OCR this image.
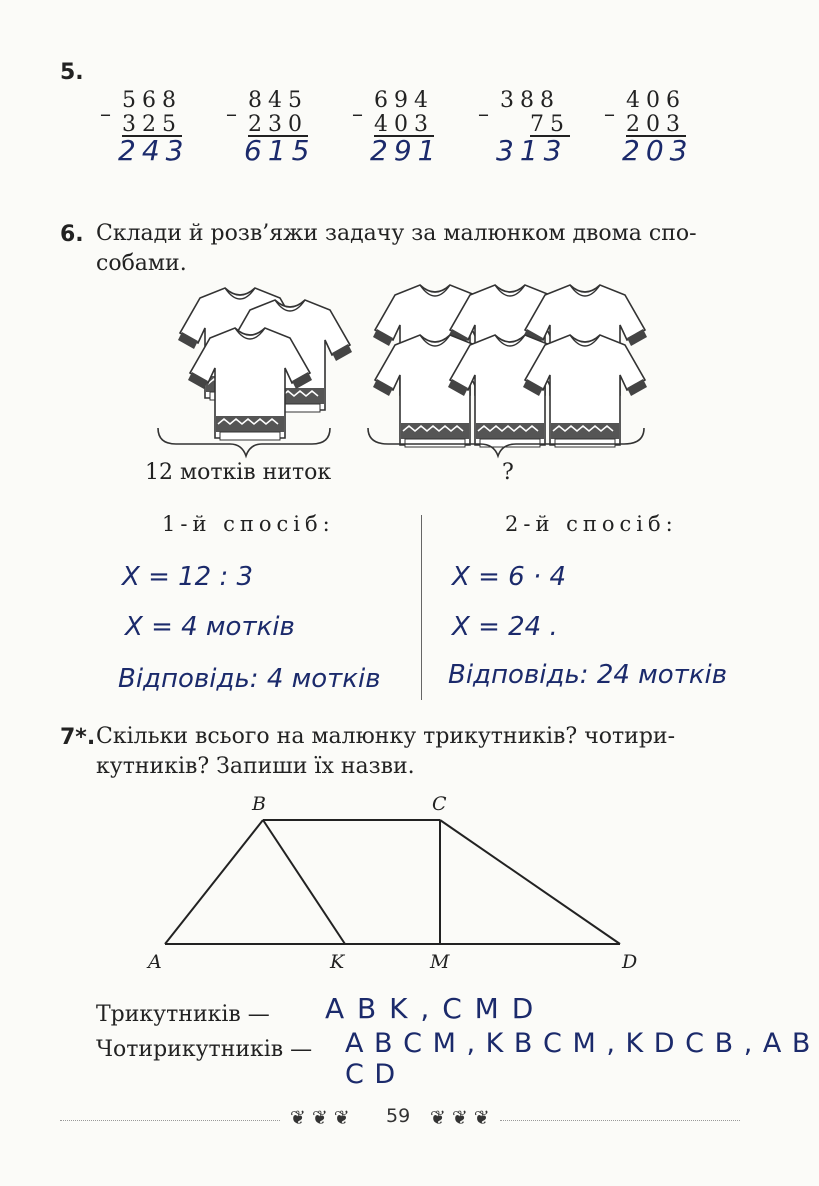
5.
–
568
325
243
–
845
230
615
–
694
403
291
–
388
75
313
–
406
203
203
6. Склади й розв’яжи задачу за малюнком двома спо-
собами.
12 мотків ниток	?
1-й спосіб:	2-й спосіб:
X = 12 : 3
X = 4 мотків
Відповідь: 4 мотків
X = 6 · 4
X = 24 .
Відповідь: 24 мотків
7*. Скільки всього на малюнку трикутників? чотири-
кутників? Запиши їх назви.
B	C
A	K	M	D
Трикутників — A B K , C M D
Чотирикутників — A B C M , K B C M , K D C B , A B C D
❦ ❦ ❦ 59 ❦ ❦ ❦
